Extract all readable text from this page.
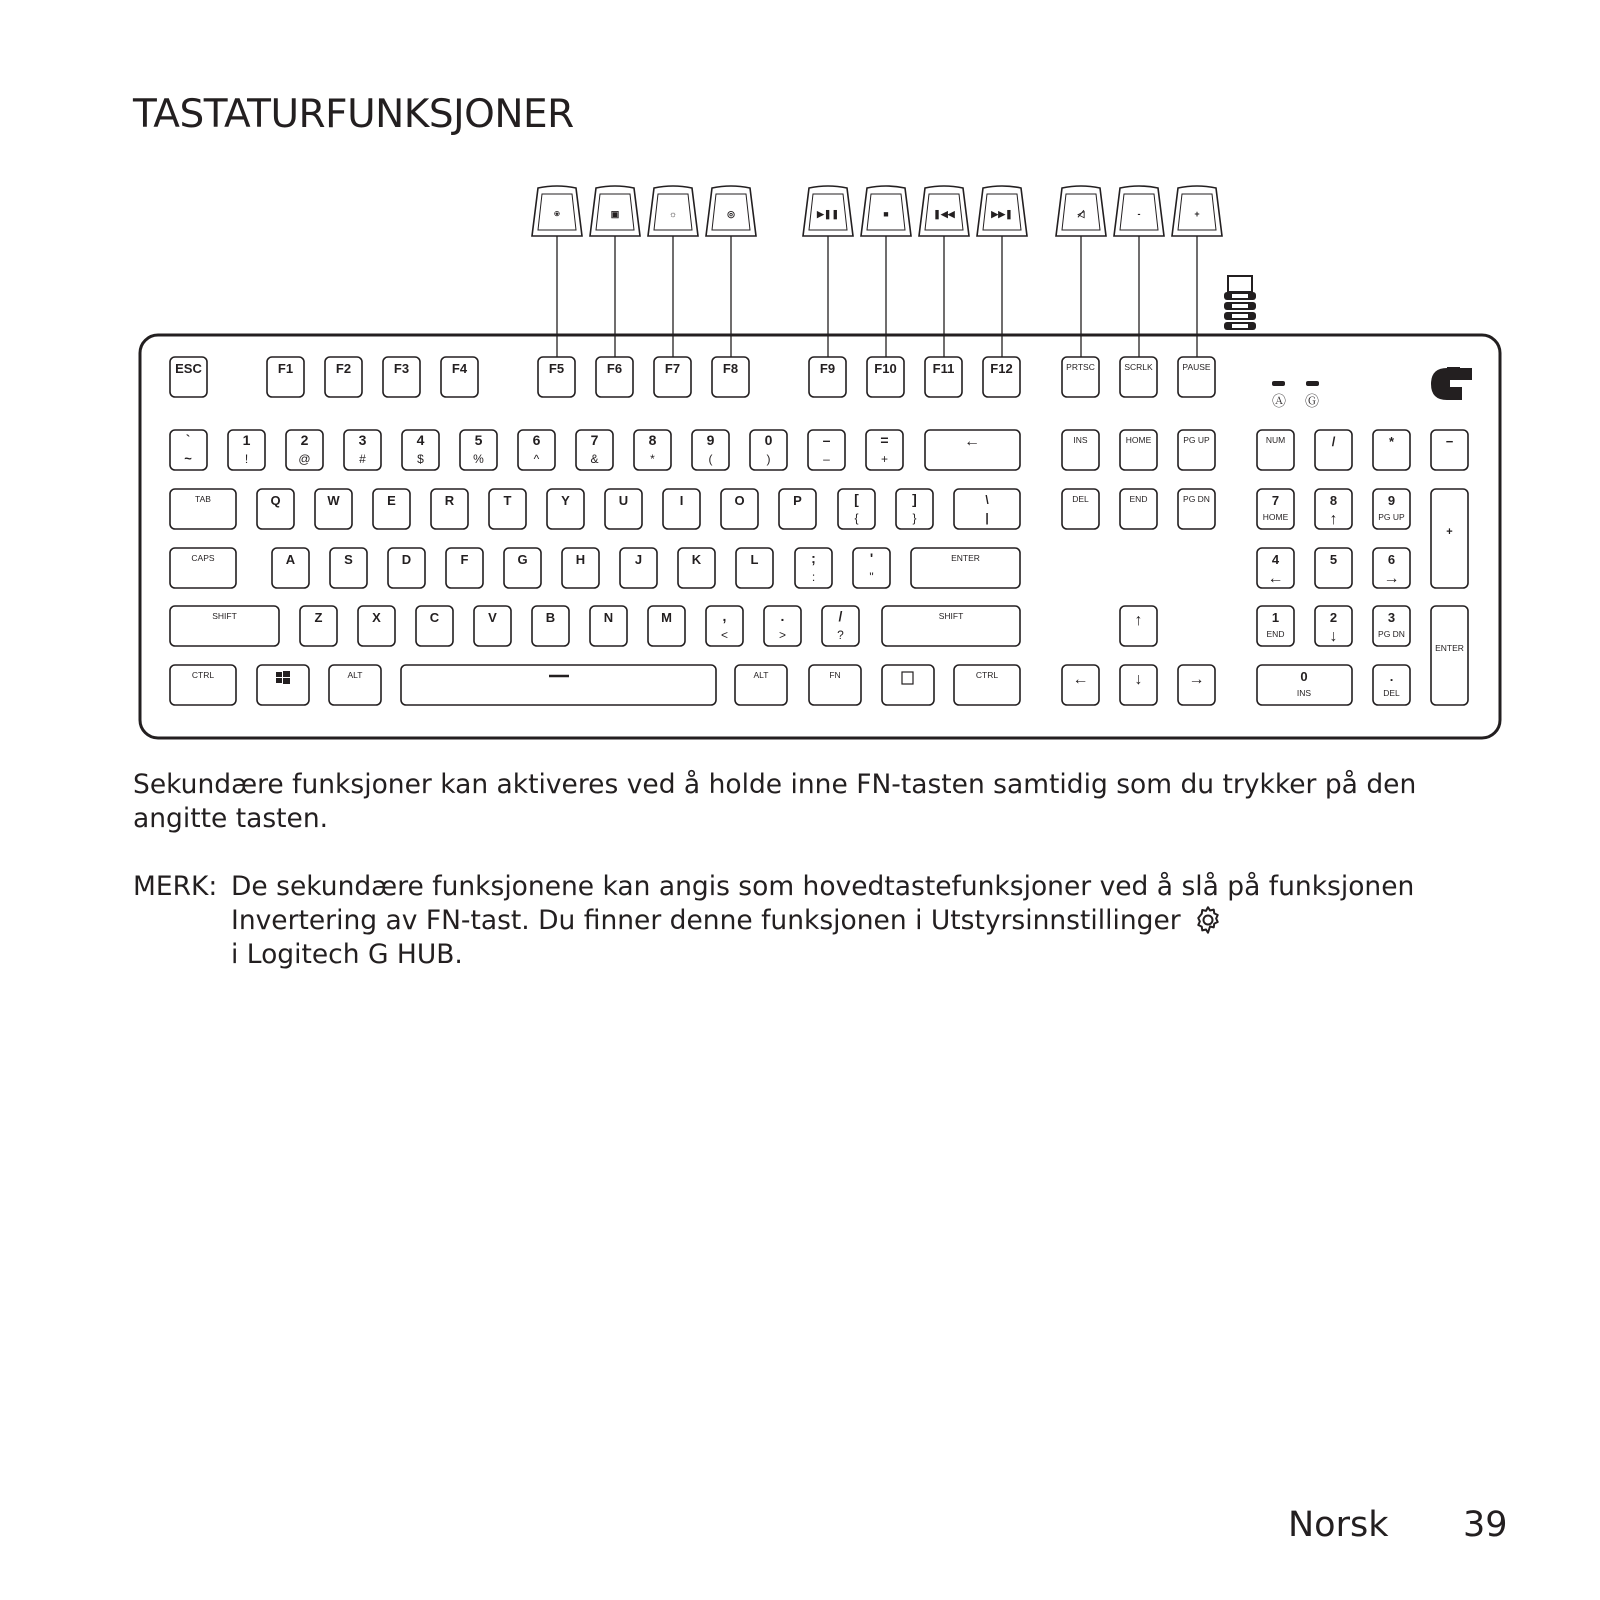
TASTATURFUNKSJONER
ESC	F1	F2	F3	F4	F5	F6	F7	F8	F9	F10	F11	F12	PRTSC	SCRLK	PAUSE
⍟	▣	☼	◎	▶❚❚	■	❚◀◀	▶▶❚	◁̸	-	+
Ⓐ Ⓖ
`
~
1
!
2
@
3
#
4
$
5
%
6
^
7
&
8
*
9
(
0
)
–
–
=
+
←
TAB	Q	W	E	R	T	Y	U	I	O	P	[
{
]
}
\
|
CAPS	A	S	D	F	G	H	J	K	L	;
:
'
"
ENTER
SHIFT	Z	X	C	V	B	N	M	,
<
.
>
/
?
SHIFT
CTRL	ALT	ALT	FN	CTRL
INS	HOME	PG UP
DEL	END	PG DN
↑
←	↓	→
NUM	/	*	−
7
HOME
8
↑
9
PG UP
4
←
5	6
→
1
END
2
↓
3
PG DN
0
INS
.
DEL
+
ENTER

Sekundære funksjoner kan aktiveres ved å holde inne FN-tasten samtidig som du trykker på den angitte tasten.

MERK: De sekundære funksjonene kan angis som hovedtastefunksjoner ved å slå på funksjonen Invertering av FN-tast. Du finner denne funksjonen i Utstyrsinnstillinger
i Logitech G HUB.
Norsk 39
